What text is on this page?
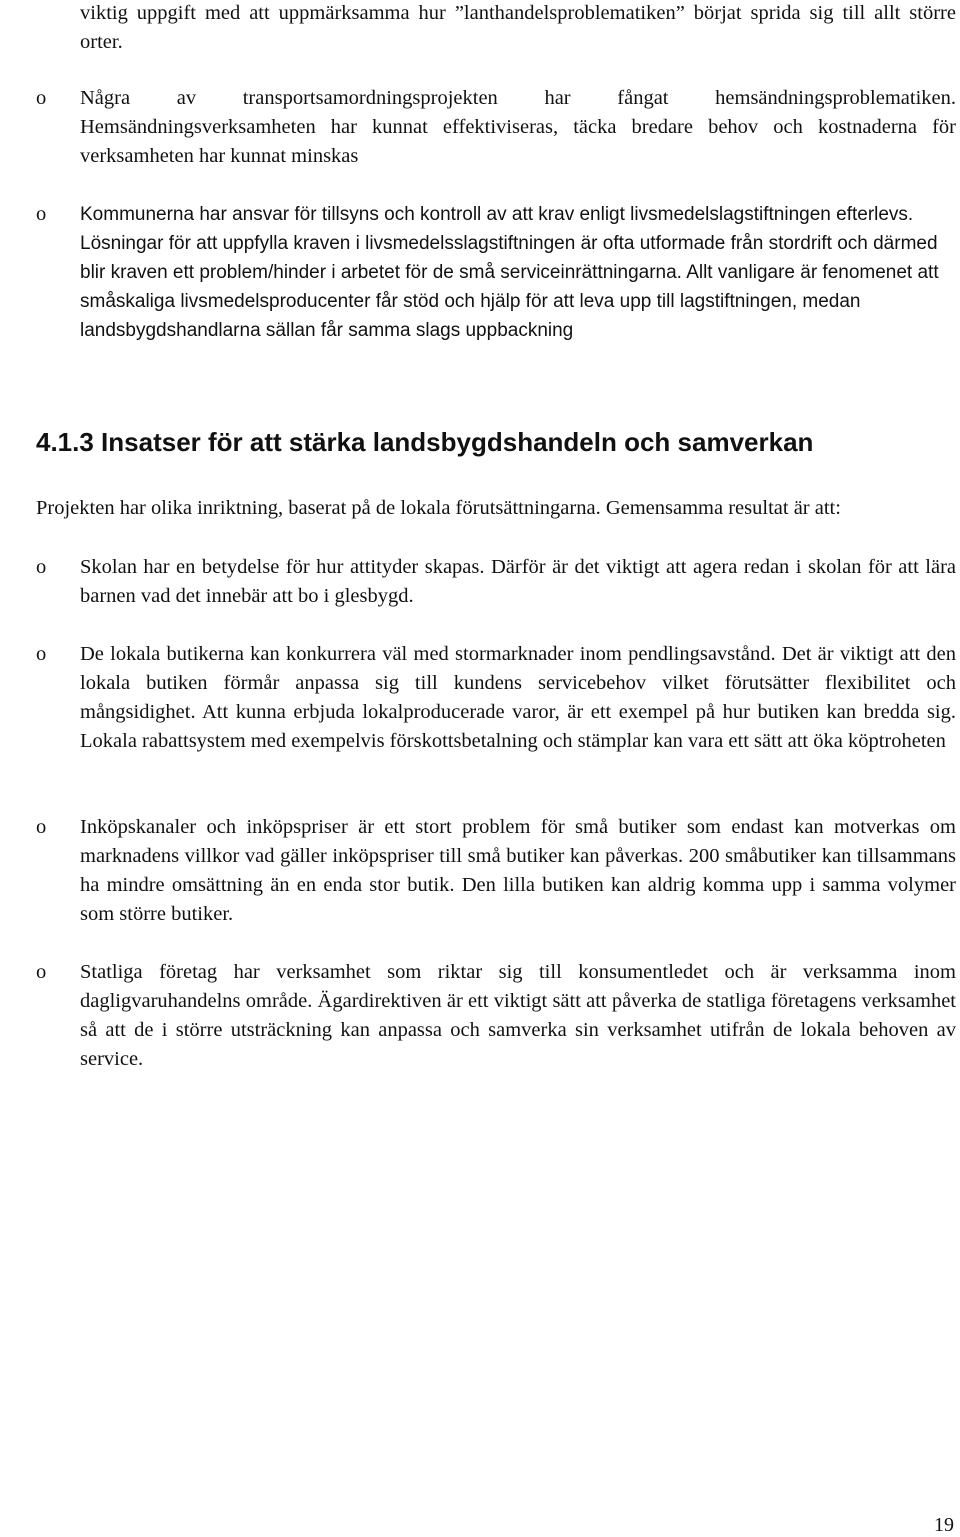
viktig uppgift med att uppmärksamma hur ”lanthandelsproblematiken” börjat sprida sig till allt större orter.

o	Några av transportsamordningsprojekten har fångat hemsändningsproblematiken. Hemsändningsverksamheten har kunnat effektiviseras, täcka bredare behov och kostnaderna för verksamheten har kunnat minskas

o	Kommunerna har ansvar för tillsyns och kontroll av att krav enligt livsmedelslagstiftningen efterlevs. Lösningar för att uppfylla kraven i livsmedelsslagstiftningen är ofta utformade från stordrift och därmed blir kraven ett problem/hinder i arbetet för de små serviceinrättningarna. Allt vanligare är fenomenet att småskaliga livsmedelsproducenter får stöd och hjälp för att leva upp till lagstiftningen, medan landsbygdshandlarna sällan får samma slags uppbackning

4.1.3 Insatser för att stärka landsbygdshandeln och samverkan

Projekten har olika inriktning, baserat på de lokala förutsättningarna. Gemensamma resultat är att:

o	Skolan har en betydelse för hur attityder skapas. Därför är det viktigt att agera redan i skolan för att lära barnen vad det innebär att bo i glesbygd.

o	De lokala butikerna kan konkurrera väl med stormarknader inom pendlingsavstånd. Det är viktigt att den lokala butiken förmår anpassa sig till kundens servicebehov vilket förutsätter flexibilitet och mångsidighet. Att kunna erbjuda lokalproducerade varor, är ett exempel på hur butiken kan bredda sig. Lokala rabattsystem med exempelvis förskottsbetalning och stämplar kan vara ett sätt att öka köptroheten

o	Inköpskanaler och inköpspriser är ett stort problem för små butiker som endast kan motverkas om marknadens villkor vad gäller inköpspriser till små butiker kan påverkas. 200 småbutiker kan tillsammans ha mindre omsättning än en enda stor butik. Den lilla butiken kan aldrig komma upp i samma volymer som större butiker.

o	Statliga företag har verksamhet som riktar sig till konsumentledet och är verksamma inom dagligvaruhandelns område. Ägardirektiven är ett viktigt sätt att påverka de statliga företagens verksamhet så att de i större utsträckning kan anpassa och samverka sin verksamhet utifrån de lokala behoven av service.

19
